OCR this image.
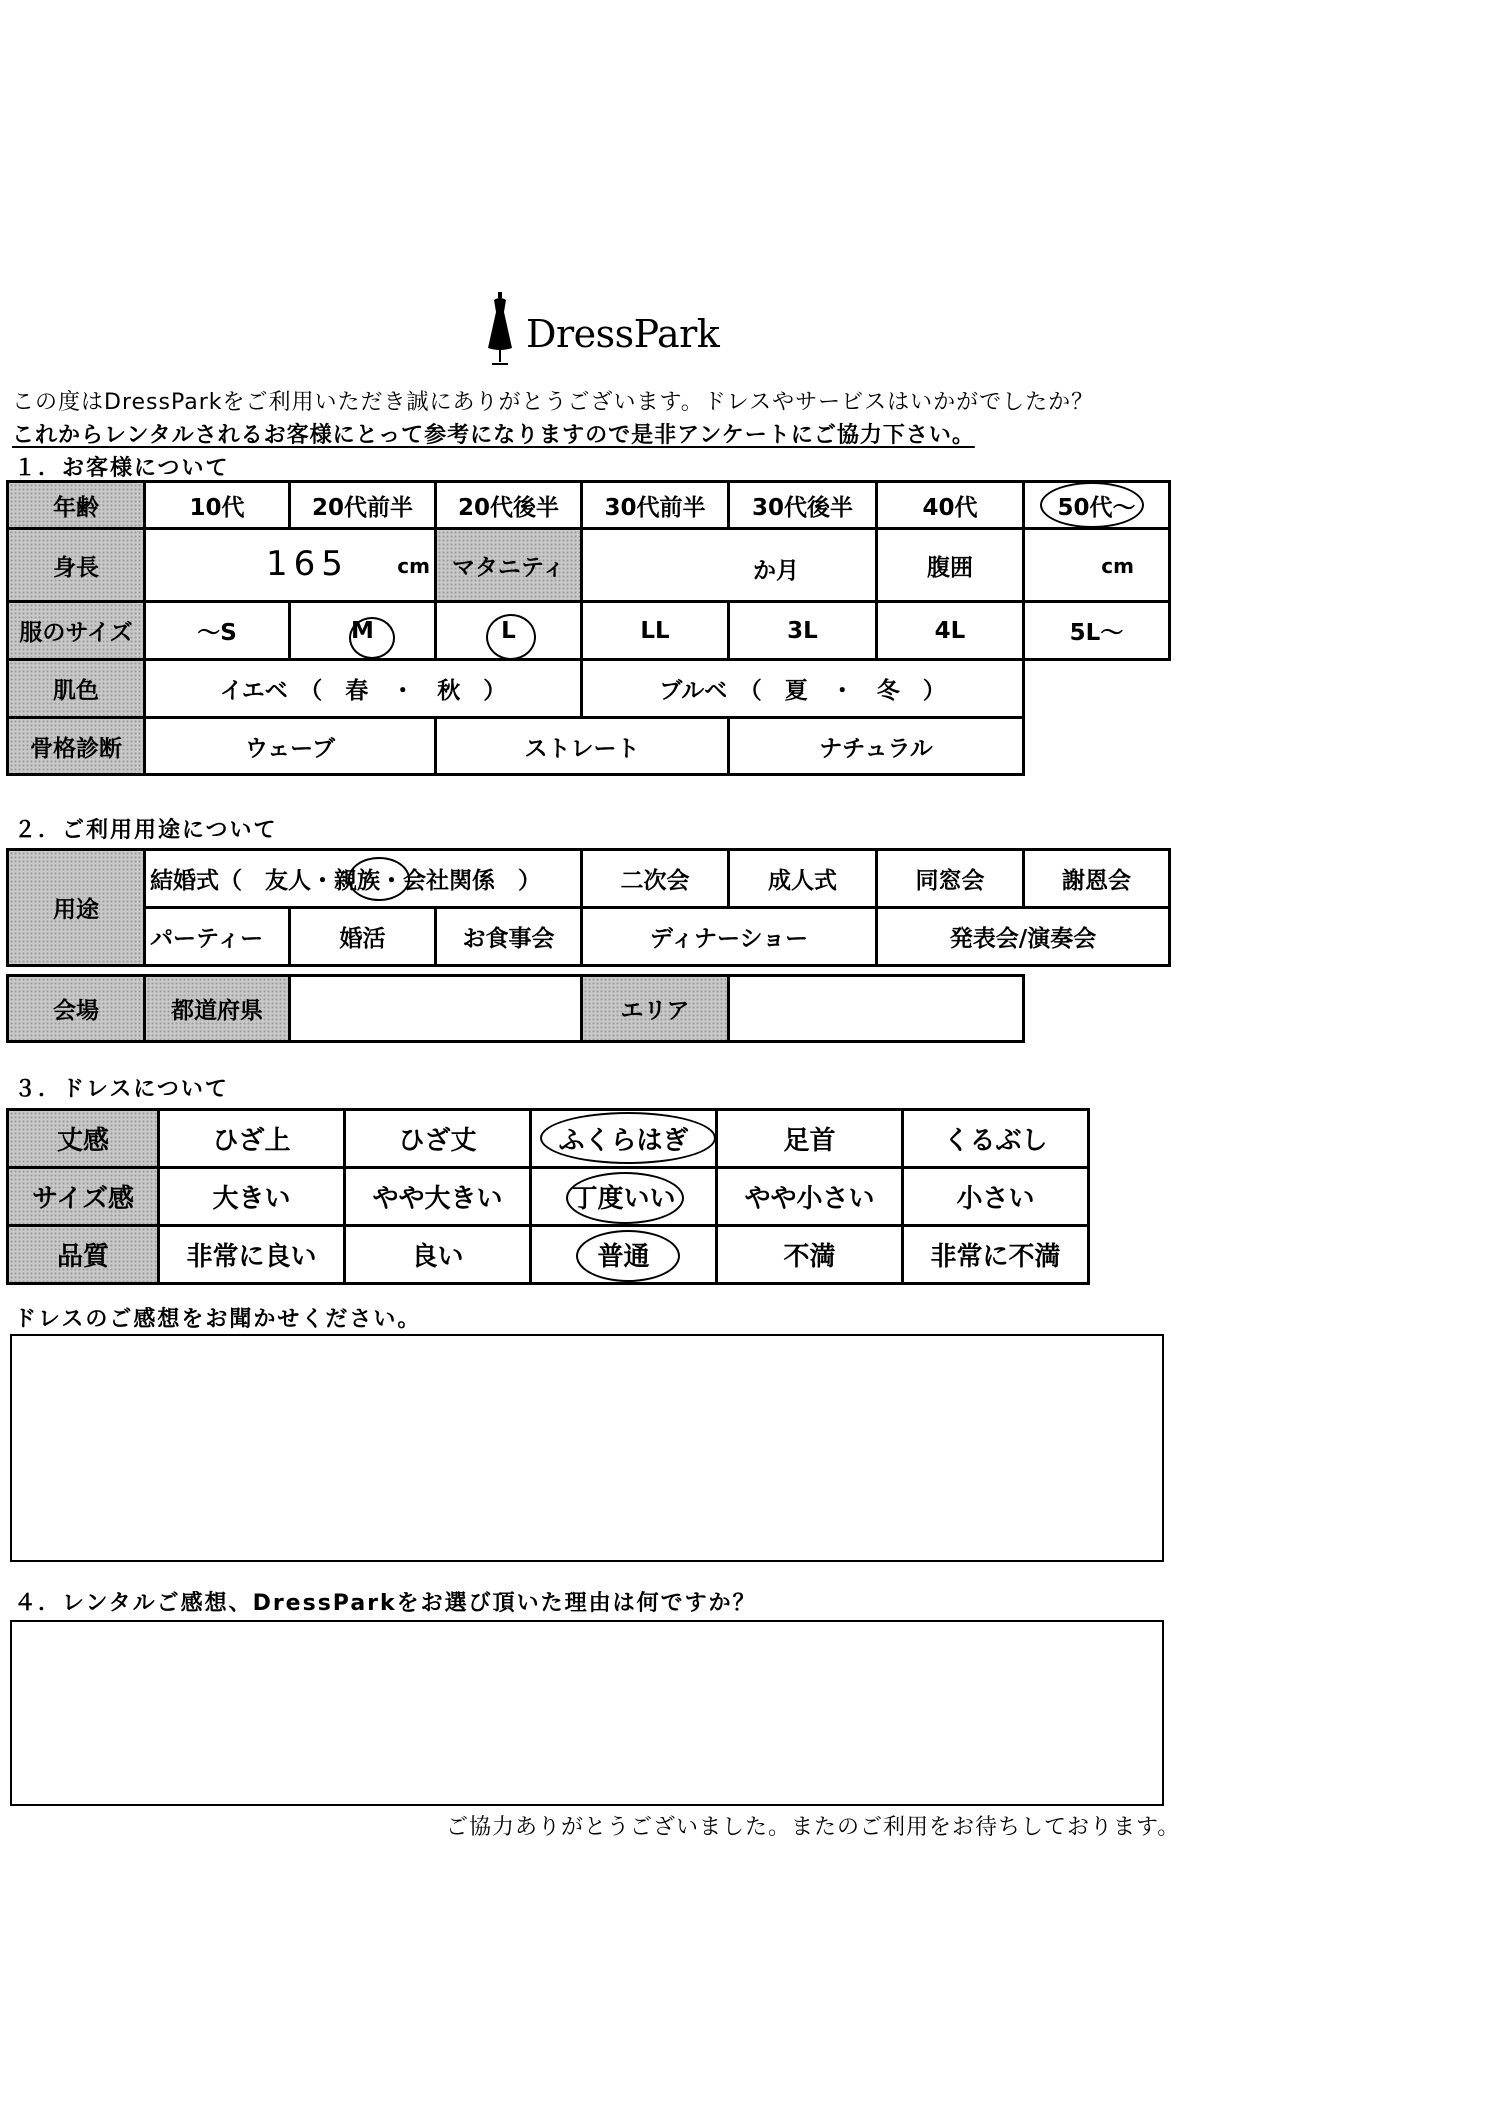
DressPark
この度はDressParkをご利用いただき誠にありがとうございます。ドレスやサービスはいかがでしたか？
これからレンタルされるお客様にとって参考になりますので是非アンケートにご協力下さい。
１．お客様について
年齢	10代	20代前半	20代後半	30代前半	30代後半	40代	50代～
身長	165 cm		マタニティ	か月		腹囲	cm

服のサイズ	～S	M	L	LL	3L	4L	5L～
肌色	イエベ　（　春　・　秋　）			ブルベ　（　夏　・　冬　）			
骨格診断	ウェーブ		ストレート		ナチュラル		
２．ご利用用途について
用途	結婚式（　友人・親族・会社関係　）			二次会	成人式	同窓会	謝恩会
	パーティー	婚活	お食事会	ディナーショー		発表会/演奏会	

会場	都道府県			エリア			
３．ドレスについて
丈感	ひざ上	ひざ丈	ふくらはぎ	足首	くるぶし
サイズ感	大きい	やや大きい	丁度いい	やや小さい	小さい
品質	非常に良い	良い	普通	不満	非常に不満
ドレスのご感想をお聞かせください。
４．レンタルご感想、DressParkをお選び頂いた理由は何ですか？
ご協力ありがとうございました。またのご利用をお待ちしております。
